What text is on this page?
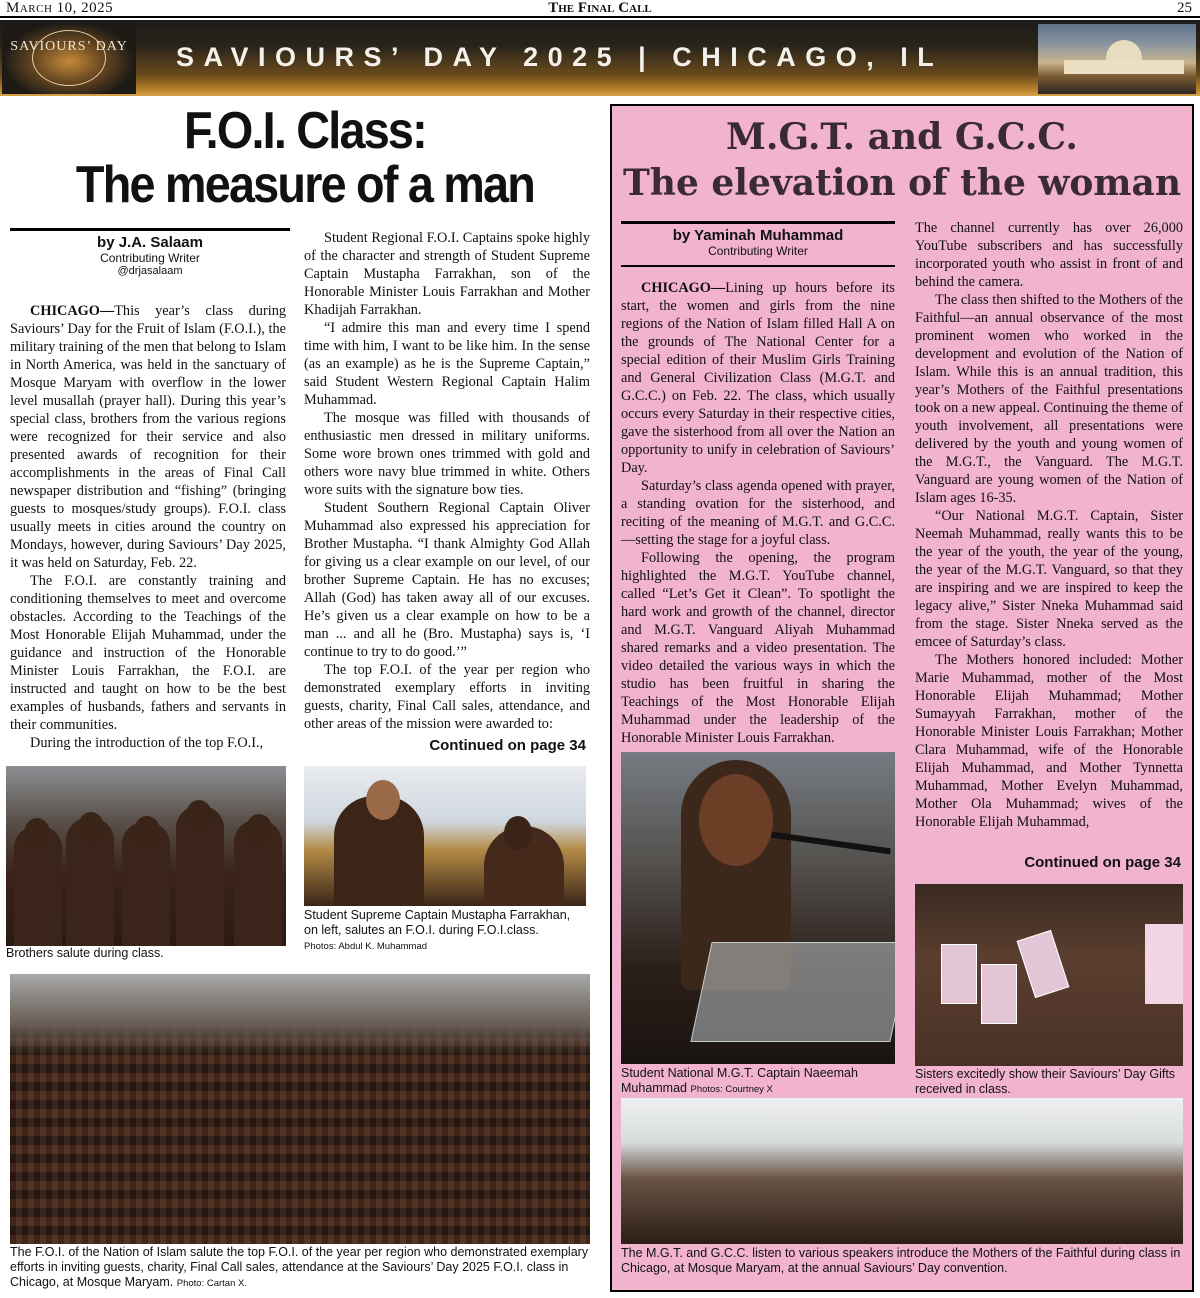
March 10, 2025	The Final Call	25
SAVIOURS’ DAY	SAVIOURS’ DAY 2025 | CHICAGO, IL
F.O.I. Class:
The measure of a man
by J.A. Salaam
Contributing Writer
@drjasalaam

CHICAGO—This year’s class during Saviours’ Day for the Fruit of Islam (F.O.I.), the military training of the men that belong to Islam in North America, was held in the sanctuary of Mosque Maryam with overflow in the lower level musallah (prayer hall). During this year’s special class, brothers from the various regions were recognized for their service and also presented awards of recognition for their accomplishments in the areas of Final Call newspaper distribution and “fishing” (bringing guests to mosques/study groups). F.O.I. class usually meets in cities around the country on Mondays, however, during Saviours’ Day 2025, it was held on Saturday, Feb. 22.

The F.O.I. are constantly training and conditioning themselves to meet and overcome obstacles. According to the Teachings of the Most Honorable Elijah Muhammad, under the guidance and instruction of the Honorable Minister Louis Farrakhan, the F.O.I. are instructed and taught on how to be the best examples of husbands, fathers and servants in their communities.

During the introduction of the top F.O.I.,

Student Regional F.O.I. Captains spoke highly of the character and strength of Student Supreme Captain Mustapha Farrakhan, son of the Honorable Minister Louis Farrakhan and Mother Khadijah Farrakhan.

“I admire this man and every time I spend time with him, I want to be like him. In the sense (as an example) as he is the Supreme Captain,” said Student Western Regional Captain Halim Muhammad.

The mosque was filled with thousands of enthusiastic men dressed in military uniforms. Some wore brown ones trimmed with gold and others wore navy blue trimmed in white. Others wore suits with the signature bow ties.

Student Southern Regional Captain Oliver Muhammad also expressed his appreciation for Brother Mustapha. “I thank Almighty God Allah for giving us a clear example on our level, of our brother Supreme Captain. He has no excuses; Allah (God) has taken away all of our excuses. He’s given us a clear example on how to be a man ... and all he (Bro. Mustapha) says is, ‘I continue to try to do good.’”

The top F.O.I. of the year per region who demonstrated exemplary efforts in inviting guests, charity, Final Call sales, attendance, and other areas of the mission were awarded to:

Continued on page 34
Brothers salute during class.
Student Supreme Captain Mustapha Farrakhan, on left, salutes an F.O.I. during F.O.I.class.
Photos: Abdul K. Muhammad
The F.O.I. of the Nation of Islam salute the top F.O.I. of the year per region who demonstrated exemplary efforts in inviting guests, charity, Final Call sales, attendance at the Saviours’ Day 2025 F.O.I. class in Chicago, at Mosque Maryam. Photo: Cartan X.
M.G.T. and G.C.C.
The elevation of the woman
by Yaminah Muhammad
Contributing Writer

CHICAGO—Lining up hours before its start, the women and girls from the nine regions of the Nation of Islam filled Hall A on the grounds of The National Center for a special edition of their Muslim Girls Training and General Civilization Class (M.G.T. and G.C.C.) on Feb. 22. The class, which usually occurs every Saturday in their respective cities, gave the sisterhood from all over the Nation an opportunity to unify in celebration of Saviours’ Day.

Saturday’s class agenda opened with prayer, a standing ovation for the sisterhood, and reciting of the meaning of M.G.T. and G.C.C.—setting the stage for a joyful class.

Following the opening, the program highlighted the M.G.T. YouTube channel, called “Let’s Get it Clean”. To spotlight the hard work and growth of the channel, director and M.G.T. Vanguard Aliyah Muhammad shared remarks and a video presentation. The video detailed the various ways in which the studio has been fruitful in sharing the Teachings of the Most Honorable Elijah Muhammad under the leadership of the Honorable Minister Louis Farrakhan.

The channel currently has over 26,000 YouTube subscribers and has successfully incorporated youth who assist in front of and behind the camera.

The class then shifted to the Mothers of the Faithful—an annual observance of the most prominent women who worked in the development and evolution of the Nation of Islam. While this is an annual tradition, this year’s Mothers of the Faithful presentations took on a new appeal. Continuing the theme of youth involvement, all presentations were delivered by the youth and young women of the M.G.T., the Vanguard. The M.G.T. Vanguard are young women of the Nation of Islam ages 16-35.

“Our National M.G.T. Captain, Sister Neemah Muhammad, really wants this to be the year of the youth, the year of the young, the year of the M.G.T. Vanguard, so that they are inspiring and we are inspired to keep the legacy alive,” Sister Nneka Muhammad said from the stage. Sister Nneka served as the emcee of Saturday’s class.

The Mothers honored included: Mother Marie Muhammad, mother of the Most Honorable Elijah Muhammad; Mother Sumayyah Farrakhan, mother of the Honorable Minister Louis Farrakhan; Mother Clara Muhammad, wife of the Honorable Elijah Muhammad, and Mother Tynnetta Muhammad, Mother Evelyn Muhammad, Mother Ola Muhammad; wives of the Honorable Elijah Muhammad,

Continued on page 34
Student National M.G.T. Captain Naeemah Muhammad Photos: Courtney X
Sisters excitedly show their Saviours’ Day Gifts received in class.
The M.G.T. and G.C.C. listen to various speakers introduce the Mothers of the Faithful during class in Chicago, at Mosque Maryam, at the annual Saviours’ Day convention.
